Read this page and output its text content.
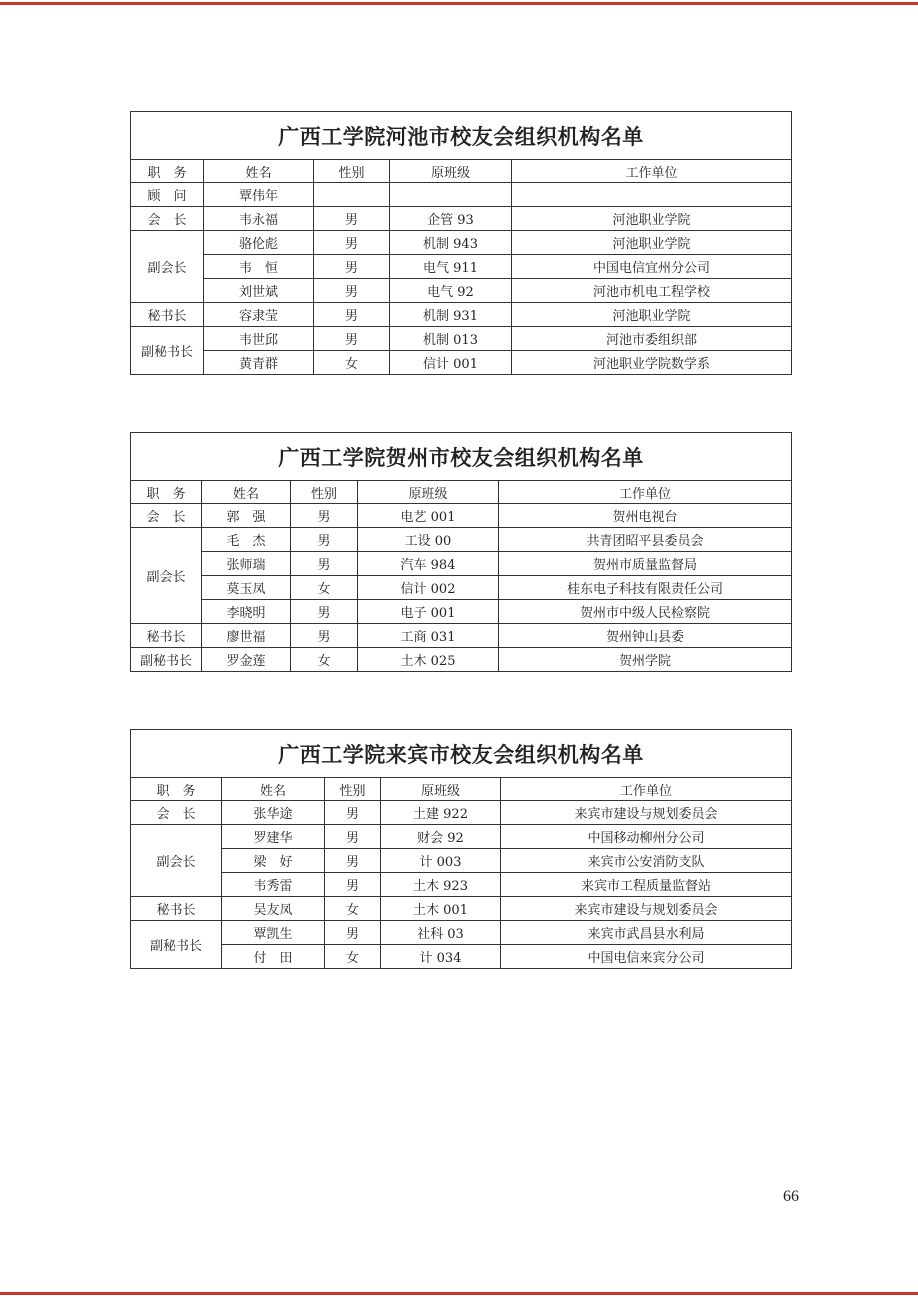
广西工学院河池市校友会组织机构名单				
职　务	姓名	性别	原班级	工作单位
顾　问	覃伟年			
会　长	韦永福	男	企管 93	河池职业学院
副会长	骆伦彪	男	机制 943	河池职业学院
	韦　恒	男	电气 911	中国电信宜州分公司
	刘世斌	男	电气 92	河池市机电工程学校
秘书长	容隶莹	男	机制 931	河池职业学院
副秘书长	韦世邱	男	机制 013	河池市委组织部
	黄青群	女	信计 001	河池职业学院数学系
广西工学院贺州市校友会组织机构名单				
职　务	姓名	性别	原班级	工作单位
会　长	郭　强	男	电艺 001	贺州电视台
副会长	毛　杰	男	工设 00	共青团昭平县委员会
	张师瑞	男	汽车 984	贺州市质量监督局
	莫玉凤	女	信计 002	桂东电子科技有限责任公司
	李晓明	男	电子 001	贺州市中级人民检察院
秘书长	廖世福	男	工商 031	贺州钟山县委
副秘书长	罗金莲	女	土木 025	贺州学院
广西工学院来宾市校友会组织机构名单				
职　务	姓名	性别	原班级	工作单位
会　长	张华途	男	土建 922	来宾市建设与规划委员会
副会长	罗建华	男	财会 92	中国移动柳州分公司
	梁　好	男	计 003	来宾市公安消防支队
	韦秀雷	男	土木 923	来宾市工程质量监督站
秘书长	吴友凤	女	土木 001	来宾市建设与规划委员会
副秘书长	覃凯生	男	社科 03	来宾市武昌县水利局
	付　田	女	计 034	中国电信来宾分公司
66
